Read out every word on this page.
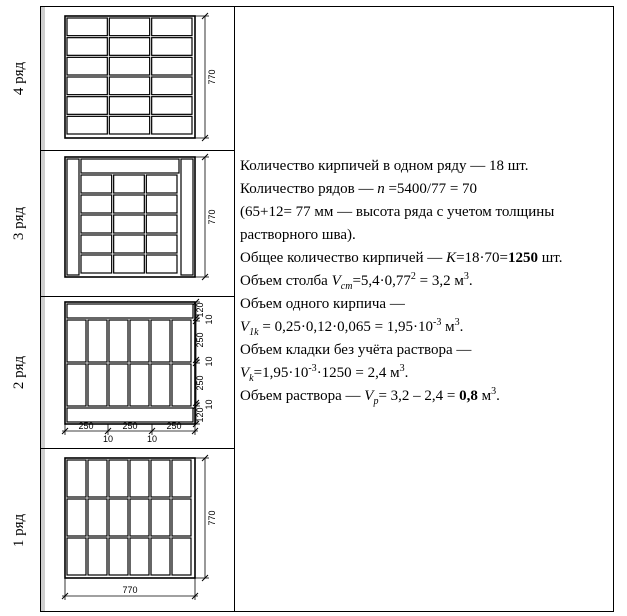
4 ряд
3 ряд
2 ряд
1 ряд
770
770
120
10
250
10
250
10
120
250	250	250
10	10
770
770

Количество кирпичей в одном ряду — 18 шт.

Количество рядов — n =5400/77 = 70

(65+12= 77 мм — высота ряда с учетом толщины растворного шва).

Общее количество кирпичей — K=18·70=1250 шт.

Объем столба $V_{ст}=5,4\cdot 0,77^2 = 3,2$ $м^3$.

Объем одного кирпича —

$V_{1k} = 0,25\cdot 0,12\cdot 0,065 = 1,95\cdot 10^{-3}$ $м^3$.

Объем кладки без учёта раствора —

$V_k=1,95\cdot 10^{-3}\cdot 1250 = 2,4$ $м^3$.

Объем раствора — $V_p= 3,2 - 2,4 = 0,8$ $м^3$.
